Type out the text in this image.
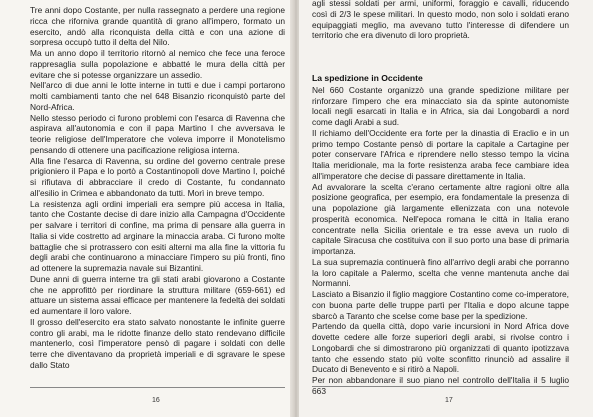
Tre anni dopo Costante, per nulla rassegnato a perdere una regione ricca che riforniva grande quantità di grano all'impero, formato un esercito, andò alla riconquista della città e con una azione di sorpresa occupò tutto il delta del Nilo.

Ma un anno dopo il territorio ritornò al nemico che fece una feroce rappresaglia sulla popolazione e abbatté le mura della città per evitare che si potesse organizzare un assedio.

Nell'arco di due anni le lotte interne in tutti e due i campi portarono molti cambiamenti tanto che nel 648 Bisanzio riconquistò parte del Nord-Africa.

Nello stesso periodo ci furono problemi con l'esarca di Ravenna che aspirava all'autonomia e con il papa Martino I che avversava le teorie religiose dell'Imperatore che voleva imporre il Monotelismo pensando di ottenere una pacificazione religiosa interna.

Alla fine l'esarca di Ravenna, su ordine del governo centrale prese prigioniero il Papa e lo portò a Costantinopoli dove Martino I, poiché si rifiutava di abbracciare il credo di Costante, fu condannato all'esilio in Crimea e abbandonato da tutti. Morì in breve tempo.

La resistenza agli ordini imperiali era sempre più accesa in Italia, tanto che Costante decise di dare inizio alla Campagna d'Occidente per salvare i territori di confine, ma prima di pensare alla guerra in Italia si vide costretto ad arginare la minaccia araba. Ci furono molte battaglie che si protrassero con esiti alterni ma alla fine la vittoria fu degli arabi che continuarono a minacciare l'impero su più fronti, fino ad ottenere la supremazia navale sui Bizantini.

Dune anni di guerra interne tra gli stati arabi giovarono a Costante che ne approfittò per riordinare la struttura militare (659-661) ed attuare un sistema assai efficace per mantenere la fedeltà dei soldati ed aumentare il loro valore.

Il grosso dell'esercito era stato salvato nonostante le infinite guerre contro gli arabi, ma le ridotte finanze dello stato rendevano difficile mantenerlo, così l'imperatore pensò di pagare i soldati con delle terre che diventavano da proprietà imperiali e di sgravare le spese dallo Stato

16

agli stessi soldati per armi, uniformi, foraggio e cavalli, riducendo così di 2/3 le spese militari. In questo modo, non solo i soldati erano equipaggiati meglio, ma avevano tutto l'interesse di difendere un territorio che era divenuto di loro proprietà.

La spedizione in Occidente

Nel 660 Costante organizzò una grande spedizione militare per rinforzare l'impero che era minacciato sia da spinte autonomiste locali negli esarcati in Italia e in Africa, sia dai Longobardi a nord come dagli Arabi a sud.

Il richiamo dell'Occidente era forte per la dinastia di Eraclio e in un primo tempo Costante pensò di portare la capitale a Cartagine per poter conservare l'Africa e riprendere nello stesso tempo la vicina Italia meridionale, ma la forte resistenza araba fece cambiare idea all'imperatore che decise di passare direttamente in Italia.

Ad avvalorare la scelta c'erano certamente altre ragioni oltre alla posizione geografica, per esempio, era fondamentale la presenza di una popolazione già largamente ellenizzata con una notevole prosperità economica. Nell'epoca romana le città in Italia erano concentrate nella Sicilia orientale e tra esse aveva un ruolo di capitale Siracusa che costituiva con il suo porto una base di primaria importanza.

La sua supremazia continuerà fino all'arrivo degli arabi che porranno la loro capitale a Palermo, scelta che venne mantenuta anche dai Normanni.

Lasciato a Bisanzio il figlio maggiore Costantino come co-imperatore, con buona parte delle truppe partì per l'Italia e dopo alcune tappe sbarcò a Taranto che scelse come base per la spedizione.

Partendo da quella città, dopo varie incursioni in Nord Africa dove dovette cedere alle forze superiori degli arabi, si rivolse contro i Longobardi che si dimostrarono più organizzati di quanto ipotizzava tanto che essendo stato più volte sconfitto rinunciò ad assalire il Ducato di Benevento e si ritirò a Napoli.

Per non abbandonare il suo piano nel controllo dell'Italia il 5 luglio 663

17
